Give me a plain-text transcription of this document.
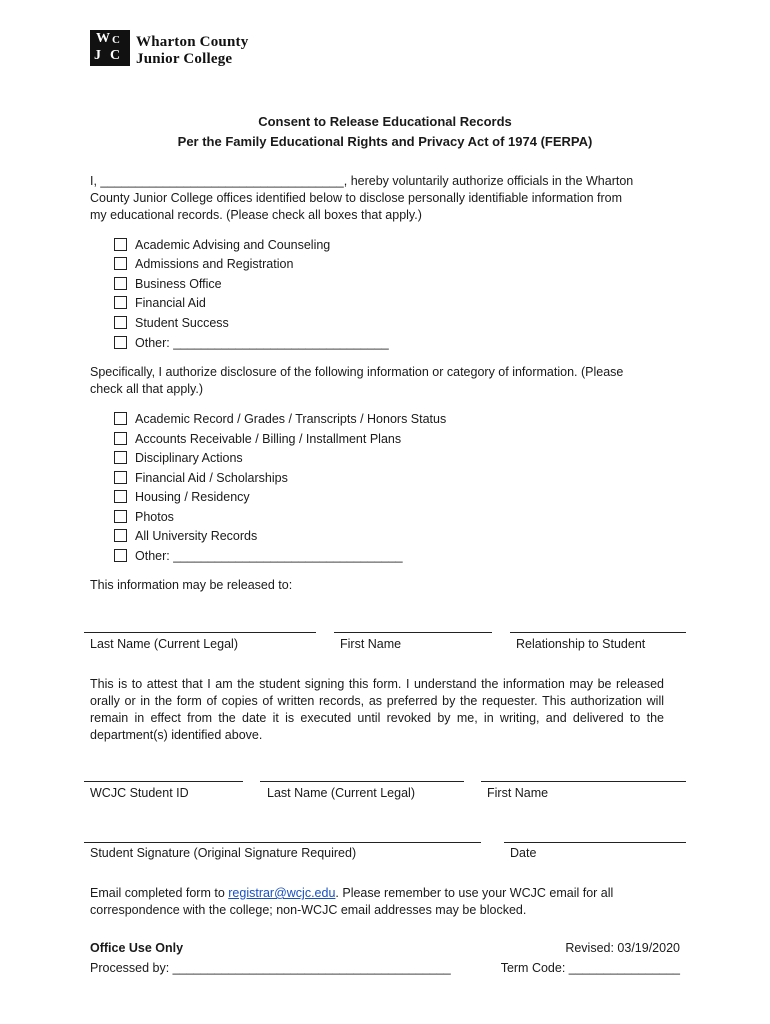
W C
J C
Wharton County
Junior College
Consent to Release Educational Records
Per the Family Educational Rights and Privacy Act of 1974 (FERPA)
I, ___________________________________, hereby voluntarily authorize officials in the Wharton
County Junior College offices identified below to disclose personally identifiable information from
my educational records. (Please check all boxes that apply.)
Academic Advising and Counseling
Admissions and Registration
Business Office
Financial Aid
Student Success
Other: _______________________________
Specifically, I authorize disclosure of the following information or category of information. (Please
check all that apply.)
Academic Record / Grades / Transcripts / Honors Status
Accounts Receivable / Billing / Installment Plans
Disciplinary Actions
Financial Aid / Scholarships
Housing / Residency
Photos
All University Records
Other: _________________________________
This information may be released to:
Last Name (Current Legal)	First Name	Relationship to Student
This is to attest that I am the student signing this form. I understand the information may be released orally or in the form of copies of written records, as preferred by the requester. This authorization will remain in effect from the date it is executed until revoked by me, in writing, and delivered to the department(s) identified above.
WCJC Student ID	Last Name (Current Legal)	First Name
Student Signature (Original Signature Required)	Date
Email completed form to registrar@wcjc.edu. Please remember to use your WCJC email for all
correspondence with the college; non-WCJC email addresses may be blocked.
Office Use Only	Revised: 03/19/2020
Processed by: ________________________________________	Term Code: ________________
